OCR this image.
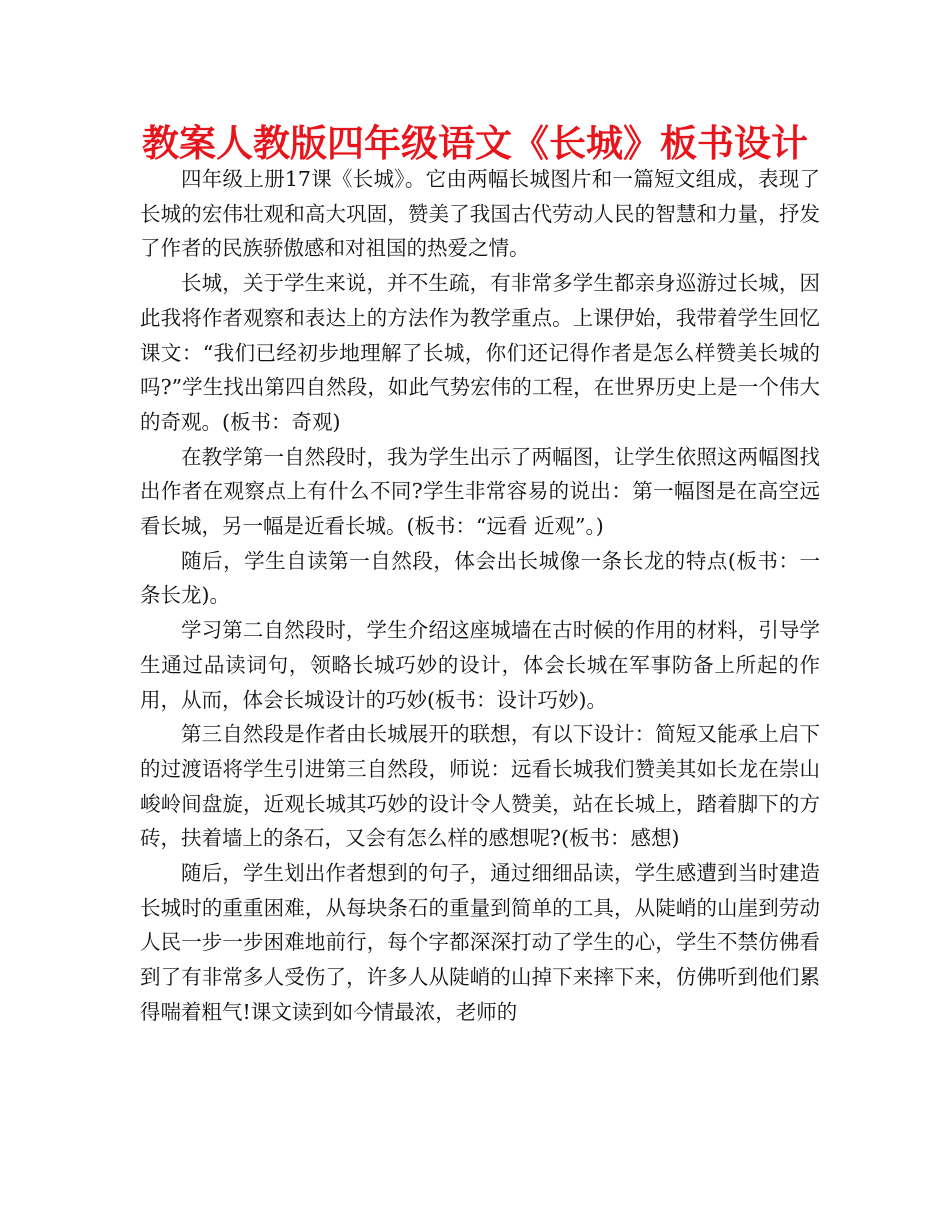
教案人教版四年级语文《长城》板书设计

四年级上册17课《长城》。它由两幅长城图片和一篇短文组成，表现了长城的宏伟壮观和高大巩固，赞美了我国古代劳动人民的智慧和力量，抒发了作者的民族骄傲感和对祖国的热爱之情。

长城，关于学生来说，并不生疏，有非常多学生都亲身巡游过长城，因此我将作者观察和表达上的方法作为教学重点。上课伊始，我带着学生回忆课文：“我们已经初步地理解了长城，你们还记得作者是怎么样赞美长城的吗?”学生找出第四自然段，如此气势宏伟的工程，在世界历史上是一个伟大的奇观。(板书：奇观)

在教学第一自然段时，我为学生出示了两幅图，让学生依照这两幅图找出作者在观察点上有什么不同?学生非常容易的说出：第一幅图是在高空远看长城，另一幅是近看长城。(板书：“远看 近观”。)

随后，学生自读第一自然段，体会出长城像一条长龙的特点(板书：一条长龙)。

学习第二自然段时，学生介绍这座城墙在古时候的作用的材料，引导学生通过品读词句，领略长城巧妙的设计，体会长城在军事防备上所起的作用，从而，体会长城设计的巧妙(板书：设计巧妙)。

第三自然段是作者由长城展开的联想，有以下设计：简短又能承上启下的过渡语将学生引进第三自然段，师说：远看长城我们赞美其如长龙在崇山峻岭间盘旋，近观长城其巧妙的设计令人赞美，站在长城上，踏着脚下的方砖，扶着墙上的条石，又会有怎么样的感想呢?(板书：感想)

随后，学生划出作者想到的句子，通过细细品读，学生感遭到当时建造长城时的重重困难，从每块条石的重量到简单的工具，从陡峭的山崖到劳动人民一步一步困难地前行，每个字都深深打动了学生的心，学生不禁仿佛看到了有非常多人受伤了，许多人从陡峭的山掉下来摔下来，仿佛听到他们累得喘着粗气!课文读到如今情最浓，老师的
